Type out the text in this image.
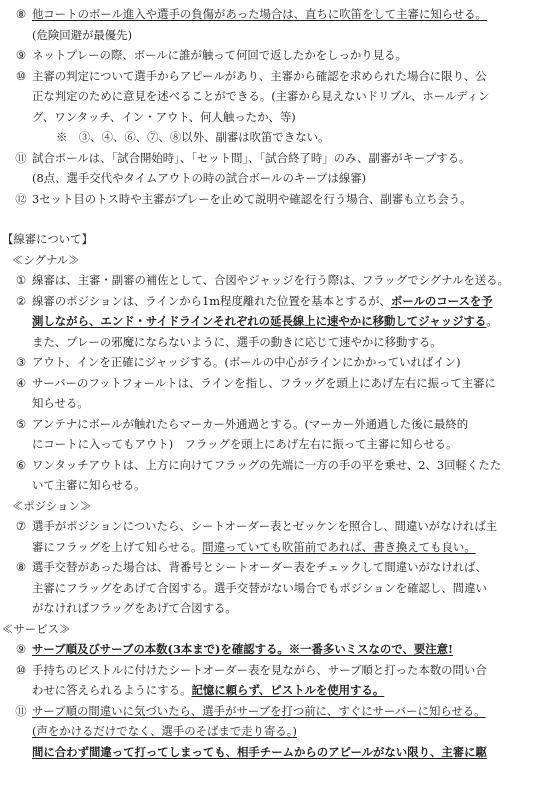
⑧ 他コートのボール進入や選手の負傷があった場合は、直ちに吹笛をして主審に知らせる。
(危険回避が最優先)
⑨ ネットプレーの際、ボールに誰が触って何回で返したかをしっかり見る。
⑩ 主審の判定について選手からアピールがあり、主審から確認を求められた場合に限り、公
正な判定のために意見を述べることができる。(主審から見えないドリブル、ホールディン
グ、ワンタッチ、イン・アウト、何人触ったか、等)
※　③、④、⑥、⑦、⑧以外、副審は吹笛できない。
⑪ 試合ボールは、「試合開始時」、「セット間」、「試合終了時」のみ、副審がキープする。
(8点、選手交代やタイムアウトの時の試合ボールのキープは線審)
⑫ 3セット目のトス時や主審がプレーを止めて説明や確認を行う場合、副審も立ち会う。
【線審について】
≪シグナル≫
① 線審は、主審・副審の補佐として、合図やジャッジを行う際は、フラッグでシグナルを送る。
② 線審のポジションは、ラインから1m程度離れた位置を基本とするが、ボールのコースを予
測しながら、エンド・サイドラインそれぞれの延長線上に速やかに移動してジャッジする。
また、プレーの邪魔にならないように、選手の動きに応じて速やかに移動する。
③ アウト、インを正確にジャッジする。(ボールの中心がラインにかかっていればイン)
④ サーバーのフットフォールトは、ラインを指し、フラッグを頭上にあげ左右に振って主審に
知らせる。
⑤ アンテナにボールが触れたらマーカー外通過とする。(マーカー外通過した後に最終的
にコートに入ってもアウト)　フラッグを頭上にあげ左右に振って主審に知らせる。
⑥ ワンタッチアウトは、上方に向けてフラッグの先端に一方の手の平を乗せ、2、3回軽くたた
いて主審に知らせる。
≪ポジション≫
⑦ 選手がポジションについたら、シートオーダー表とゼッケンを照合し、間違いがなければ主
審にフラッグを上げて知らせる。間違っていても吹笛前であれば、書き換えても良い。
⑧ 選手交替があった場合は、背番号とシートオーダー表をチェックして間違いがなければ、
主審にフラッグをあげて合図する。選手交替がない場合でもポジションを確認し、間違い
がなければフラッグをあげて合図する。
≪サービス≫
⑨ サーブ順及びサーブの本数(3本まで)を確認する。※一番多いミスなので、要注意!
⑩ 手持ちのピストルに付けたシートオーダー表を見ながら、サーブ順と打った本数の問い合
わせに答えられるようにする。記憶に頼らず、ピストルを使用する。
⑪ サーブ順の間違いに気づいたら、選手がサーブを打つ前に、すぐにサーバーに知らせる。
(声をかけるだけでなく、選手のそばまで走り寄る。)
間に合わず間違って打ってしまっても、相手チームからのアピールがない限り、主審に駆
